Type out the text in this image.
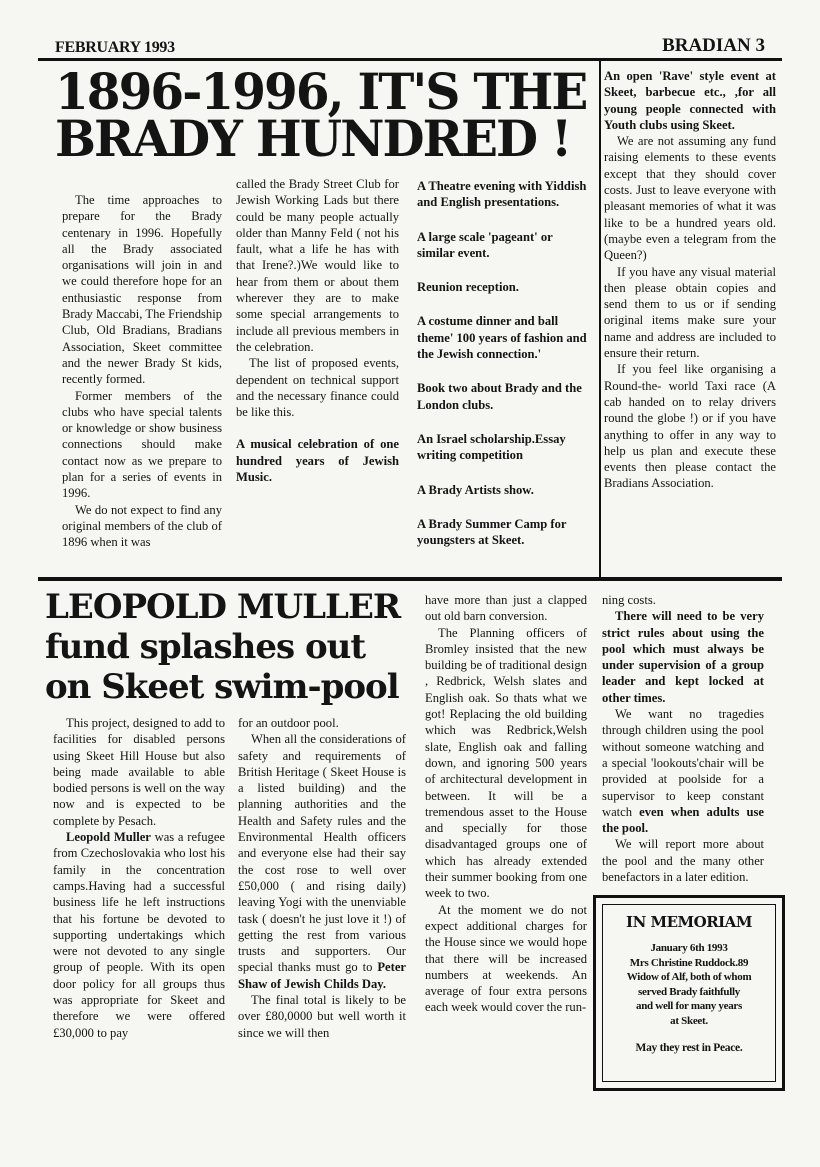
FEBRUARY 1993	BRADIAN 3
1896-1996, IT'S THE
BRADY HUNDRED !

The time approaches to prepare for the Brady centenary in 1996. Hopefully all the Brady associated organisations will join in and we could therefore hope for an enthusiastic response from Brady Maccabi, The Friendship Club, Old Bradians, Bradians Association, Skeet committee and the newer Brady St kids, recently formed.

Former members of the clubs who have special talents or knowledge or show business connections should make contact now as we prepare to plan for a series of events in 1996.

We do not expect to find any original members of the club of 1896 when it was

called the Brady Street Club for Jewish Working Lads but there could be many people actually older than Manny Feld ( not his fault, what a life he has with that Irene?.)We would like to hear from them or about them wherever they are to make some special arrangements to include all previous members in the celebration.

The list of proposed events, dependent on technical support and the necessary finance could be like this.

A musical celebration of one hundred years of Jewish Music.

A Theatre evening with Yiddish and English presentations.

A large scale 'pageant' or similar event.

Reunion reception.

A costume dinner and ball theme' 100 years of fashion and the Jewish connection.'

Book two about Brady and the London clubs.

An Israel scholarship.Essay writing competition

A Brady Artists show.

A Brady Summer Camp for youngsters at Skeet.

An open 'Rave' style event at Skeet, barbecue etc., ,for all young people connected with Youth clubs using Skeet.

We are not assuming any fund raising elements to these events except that they should cover costs. Just to leave everyone with pleasant memories of what it was like to be a hundred years old.(maybe even a telegram from the Queen?)

If you have any visual material then please obtain copies and send them to us or if sending original items make sure your name and address are included to ensure their return.

If you feel like organising a Round-the- world Taxi race (A cab handed on to relay drivers round the globe !) or if you have anything to offer in any way to help us plan and execute these events then please contact the Bradians Association.

LEOPOLD MULLER
fund splashes out
on Skeet swim-pool

This project, designed to add to facilities for disabled persons using Skeet Hill House but also being made available to able bodied persons is well on the way now and is expected to be complete by Pesach.

Leopold Muller was a refugee from Czechoslovakia who lost his family in the concentration camps.Having had a successful business life he left instructions that his fortune be devoted to supporting undertakings which were not devoted to any single group of people. With its open door policy for all groups thus was appropriate for Skeet and therefore we were offered £30,000 to pay

for an outdoor pool.

When all the considerations of safety and requirements of British Heritage ( Skeet House is a listed building) and the planning authorities and the Health and Safety rules and the Environmental Health officers and everyone else had their say the cost rose to well over £50,000 ( and rising daily) leaving Yogi with the unenviable task ( doesn't he just love it !) of getting the rest from various trusts and supporters. Our special thanks must go to Peter Shaw of Jewish Childs Day.

The final total is likely to be over £80,0000 but well worth it since we will then

have more than just a clapped out old barn conversion.

The Planning officers of Bromley insisted that the new building be of traditional design , Redbrick, Welsh slates and English oak. So thats what we got! Replacing the old building which was Redbrick,Welsh slate, English oak and falling down, and ignoring 500 years of architectural development in between. It will be a tremendous asset to the House and specially for those disadvantaged groups one of which has already extended their summer booking from one week to two.

At the moment we do not expect additional charges for the House since we would hope that there will be increased numbers at weekends. An average of four extra persons each week would cover the run-

ning costs.

There will need to be very strict rules about using the pool which must always be under supervision of a group leader and kept locked at other times.

We want no tragedies through children using the pool without someone watching and a special 'lookouts'chair will be provided at poolside for a supervisor to keep constant watch even when adults use the pool.

We will report more about the pool and the many other benefactors in a later edition.

IN MEMORIAM
January 6th 1993
Mrs Christine Ruddock.89
Widow of Alf, both of whom
served Brady faithfully
and well for many years
at Skeet.
May they rest in Peace.
